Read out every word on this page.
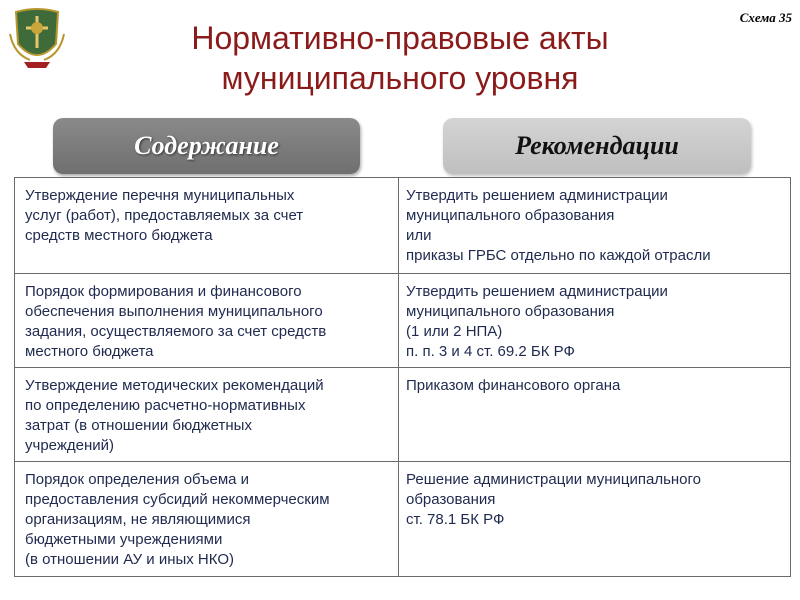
Схема 35
Нормативно-правовые акты
муниципального уровня
Содержание	Рекомендации
Утверждение перечня муниципальных
услуг (работ), предоставляемых за счет
средств местного бюджета
Утвердить решением администрации
муниципального образования
или
приказы ГРБС отдельно по каждой отрасли
Порядок формирования и финансового
обеспечения выполнения муниципального
задания, осуществляемого за счет средств
местного бюджета
Утвердить решением администрации
муниципального образования
(1 или 2 НПА)
п. п. 3 и 4 ст. 69.2 БК РФ
Утверждение методических рекомендаций
по определению расчетно-нормативных
затрат (в отношении бюджетных
учреждений)
Приказом финансового органа
Порядок определения объема и
предоставления субсидий некоммерческим
организациям, не являющимися
бюджетными учреждениями
(в отношении АУ и иных НКО)
Решение администрации муниципального
образования
ст. 78.1 БК РФ
